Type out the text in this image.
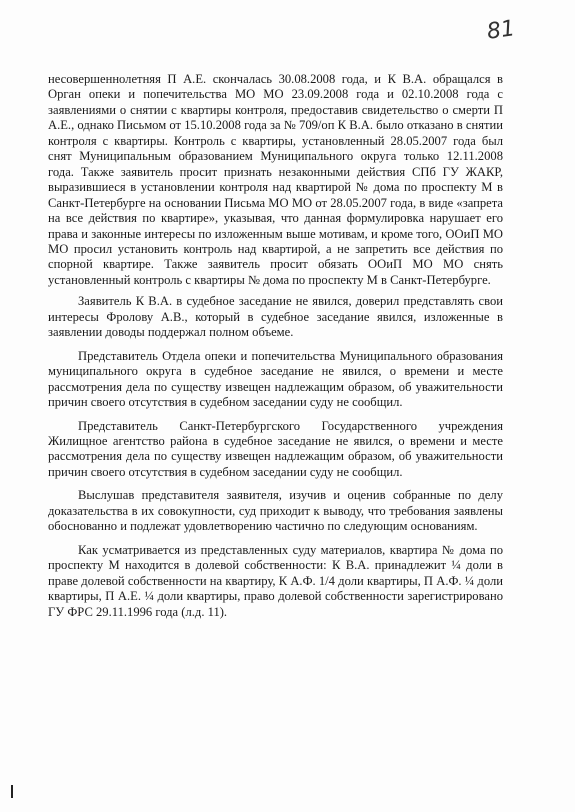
81

несовершеннолетняя П А.Е. скончалась 30.08.2008 года, и К В.А. обращался в Орган опеки и попечительства МО МО 23.09.2008 года и 02.10.2008 года с заявлениями о снятии с квартиры контроля, предоставив свидетельство о смерти П А.Е., однако Письмом от 15.10.2008 года за № 709/оп К В.А. было отказано в снятии контроля с квартиры. Контроль с квартиры, установленный 28.05.2007 года был снят Муниципальным образованием Муниципального округа только 12.11.2008 года. Также заявитель просит признать незаконными действия СПб ГУ ЖАКР, выразившиеся в установлении контроля над квартирой № дома по проспекту М в Санкт-Петербурге на основании Письма МО МО от 28.05.2007 года, в виде «запрета на все действия по квартире», указывая, что данная формулировка нарушает его права и законные интересы по изложенным выше мотивам, и кроме того, ООиП МО МО просил установить контроль над квартирой, а не запретить все действия по спорной квартире. Также заявитель просит обязать ООиП МО МО снять установленный контроль с квартиры № дома по проспекту М в Санкт-Петербурге.

Заявитель К В.А. в судебное заседание не явился, доверил представлять свои интересы Фролову А.В., который в судебное заседание явился, изложенные в заявлении доводы поддержал полном объеме.

Представитель Отдела опеки и попечительства Муниципального образования муниципального округа в судебное заседание не явился, о времени и месте рассмотрения дела по существу извещен надлежащим образом, об уважительности причин своего отсутствия в судебном заседании суду не сообщил.

Представитель Санкт-Петербургского Государственного учреждения Жилищное агентство района в судебное заседание не явился, о времени и месте рассмотрения дела по существу извещен надлежащим образом, об уважительности причин своего отсутствия в судебном заседании суду не сообщил.

Выслушав представителя заявителя, изучив и оценив собранные по делу доказательства в их совокупности, суд приходит к выводу, что требования заявлены обоснованно и подлежат удовлетворению частично по следующим основаниям.

Как усматривается из представленных суду материалов, квартира № дома по проспекту М находится в долевой собственности: К В.А. принадлежит ¼ доли в праве долевой собственности на квартиру, К А.Ф. 1/4 доли квартиры, П А.Ф. ¼ доли квартиры, П А.Е. ¼ доли квартиры, право долевой собственности зарегистрировано ГУ ФРС 29.11.1996 года (л.д. 11).
